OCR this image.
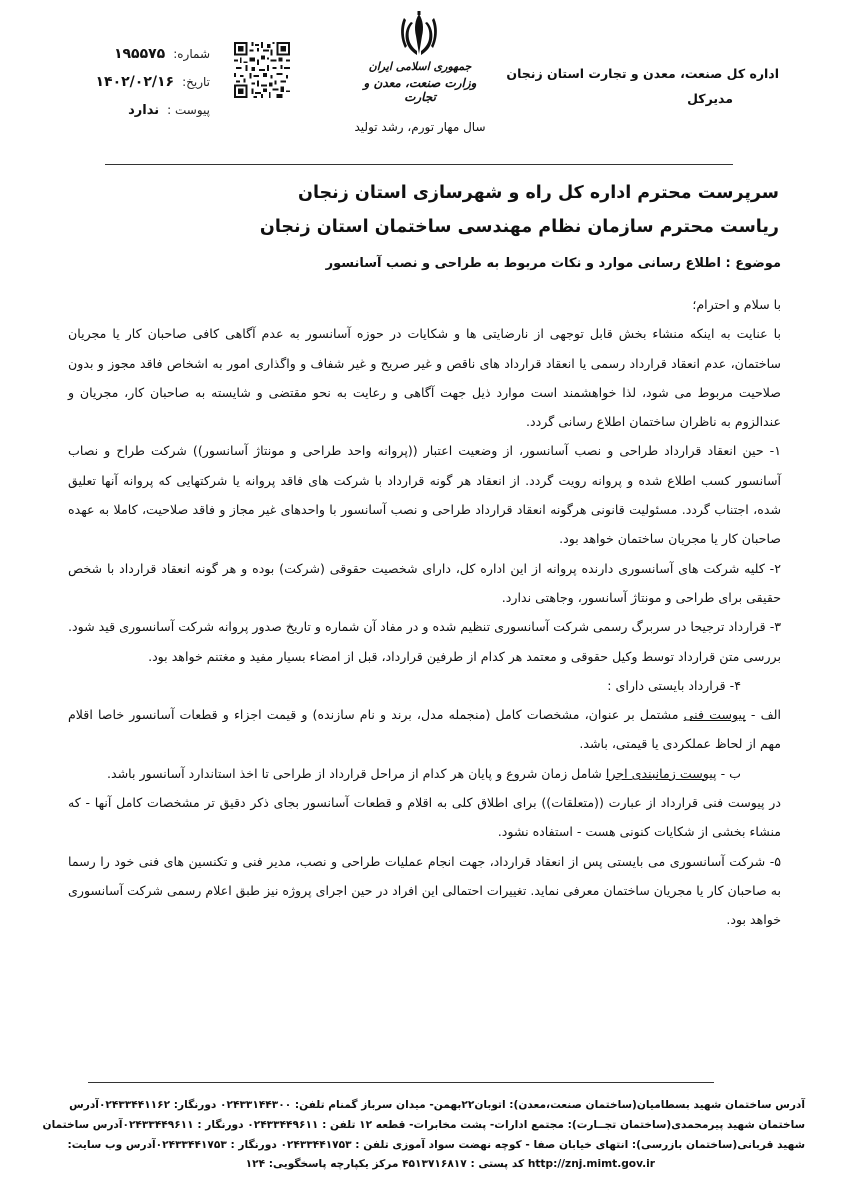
اداره کل صنعت، معدن و تجارت استان زنجان
مدیرکل
جمهوری اسلامی ایران
وزارت صنعت، معدن و تجارت
سال مهار تورم، رشد تولید
شماره:
۱۹۵۵۷۵
تاریخ:
۱۴۰۲/۰۲/۱۶
پیوست :
ندارد
سرپرست محترم اداره کل راه و شهرسازی استان زنجان
ریاست محترم سازمان نظام مهندسی ساختمان استان زنجان
موضوع : اطلاع رسانی موارد و نکات مربوط به طراحی و نصب آسانسور

با سلام و احترام؛

با عنایت به اینکه منشاء بخش قابل توجهی از نارضایتی ها و شکایات در حوزه آسانسور به عدم آگاهی کافی صاحبان کار یا مجریان ساختمان، عدم انعقاد قرارداد رسمی یا انعقاد قرارداد های ناقص و غیر صریح و غیر شفاف و واگذاری امور به اشخاص فاقد مجوز و بدون صلاحیت مربوط می شود، لذا خواهشمند است موارد ذیل جهت آگاهی و رعایت به نحو مقتضی و شایسته به صاحبان کار، مجریان و عندالزوم به ناظران ساختمان اطلاع رسانی گردد.

۱- حین انعقاد قرارداد طراحی و نصب آسانسور، از وضعیت اعتبار ((پروانه واحد طراحی و مونتاژ آسانسور)) شرکت طراح و نصاب آسانسور کسب اطلاع شده و پروانه رویت گردد. از انعقاد هر گونه قرارداد با شرکت های فاقد پروانه یا شرکتهایی که پروانه آنها تعلیق شده، اجتناب گردد. مسئولیت قانونی هرگونه انعقاد قرارداد طراحی و نصب آسانسور با واحدهای غیر مجاز و فاقد صلاحیت، کاملا به عهده صاحبان کار یا مجریان ساختمان خواهد بود.

۲- کلیه شرکت های آسانسوری دارنده پروانه از این اداره کل، دارای شخصیت حقوقی (شرکت) بوده و هر گونه انعقاد قرارداد با شخص حقیقی برای طراحی و مونتاژ آسانسور، وجاهتی ندارد.

۳- قرارداد ترجیحا در سربرگ رسمی شرکت آسانسوری تنظیم شده و در مفاد آن شماره و تاریخ صدور پروانه شرکت آسانسوری قید شود. بررسی متن قرارداد توسط وکیل حقوقی و معتمد هر کدام از طرفین قرارداد، قبل از امضاء بسیار مفید و مغتنم خواهد بود.

۴- قرارداد بایستی دارای :

الف - پیوست فنی مشتمل بر عنوان، مشخصات کامل (منجمله مدل، برند و نام سازنده) و قیمت اجزاء و قطعات آسانسور خاصا اقلام مهم از لحاظ عملکردی یا قیمتی، باشد.

ب - پیوست زمانبندی اجرا شامل زمان شروع و پایان هر کدام از مراحل قرارداد از طراحی تا اخذ استاندارد آسانسور باشد.

در پیوست فنی قرارداد از عبارت ((متعلقات)) برای اطلاق کلی به اقلام و قطعات آسانسور بجای ذکر دقیق تر مشخصات کامل آنها - که منشاء بخشی از شکایات کنونی هست - استفاده نشود.

۵- شرکت آسانسوری می بایستی پس از انعقاد قرارداد، جهت انجام عملیات طراحی و نصب، مدیر فنی و تکنسین های فنی خود را رسما به صاحبان کار یا مجریان ساختمان معرفی نماید. تغییرات احتمالی این افراد در حین اجرای پروژه نیز طبق اعلام رسمی شرکت آسانسوری خواهد بود.

آدرس ساختمان شهید بسطامیان(ساختمان صنعت،معدن): اتوبان۲۲بهمن- میدان سرباز گمنام تلفن: ۰۲۴۳۳۱۴۴۳۰۰ دورنگار: ۰۲۴۳۳۴۴۱۱۶۲آدرس
ساختمان شهید پیرمحمدی(ساختمان تجــارت): مجتمع ادارات- پشت مخابرات- قطعه ۱۲ تلفن : ۰۲۴۳۳۴۴۹۶۱۱ دورنگار : ۰۲۴۳۳۴۴۹۶۱۱آدرس ساختمان
شهید قربانی(ساختمان بازرسی): انتهای خیابان صفا - کوچه نهضت سواد آموزی تلفن : ۰۲۴۳۳۴۴۱۷۵۳ دورنگار : ۰۲۴۳۳۴۴۱۷۵۳آدرس وب سایت:
http://znj.mimt.gov.ir کد پستی : ۴۵۱۳۷۱۶۸۱۷ مرکز یکپارچه پاسخگویی: ۱۲۴
